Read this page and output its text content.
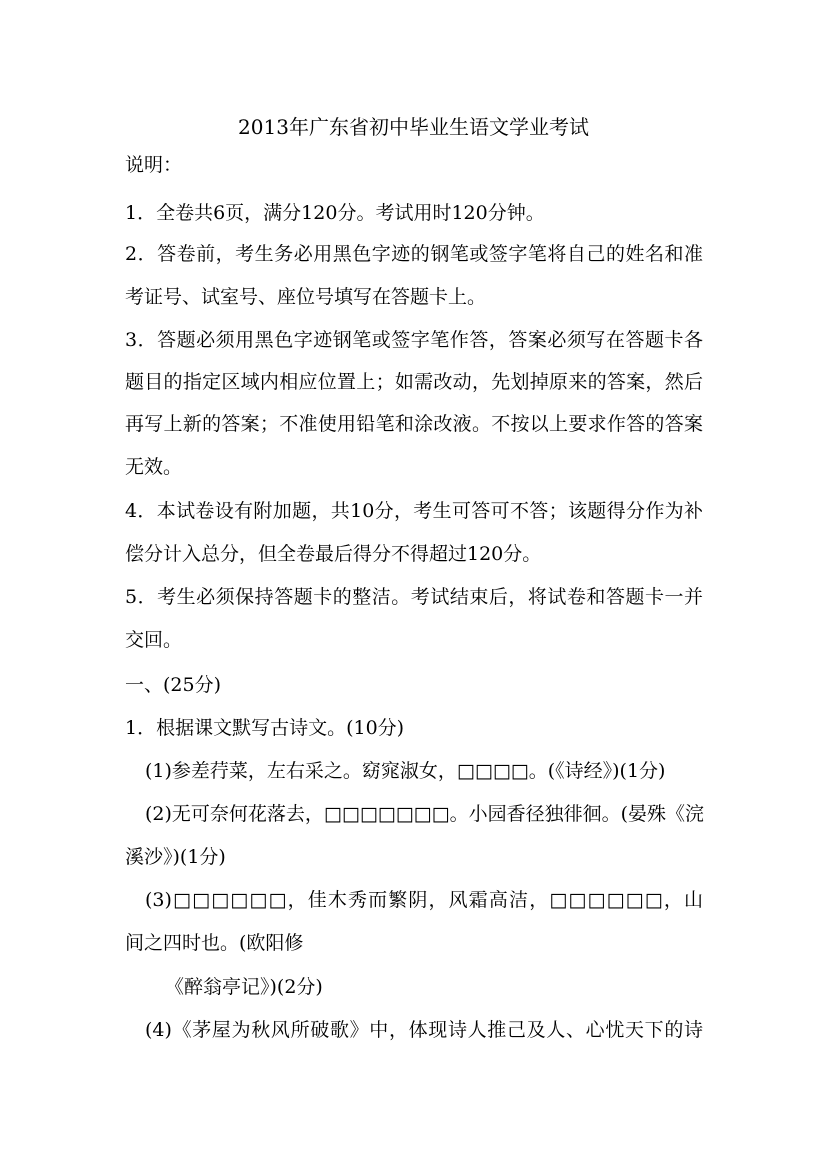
2013年广东省初中毕业生语文学业考试
说明：
1．全卷共6页，满分120分。考试用时120分钟。
2．答卷前，考生务必用黑色字迹的钢笔或签字笔将自己的姓名和准
考证号、试室号、座位号填写在答题卡上。
3．答题必须用黑色字迹钢笔或签字笔作答，答案必须写在答题卡各
题目的指定区域内相应位置上；如需改动，先划掉原来的答案，然后
再写上新的答案；不准使用铅笔和涂改液。不按以上要求作答的答案
无效。
4．本试卷设有附加题，共10分，考生可答可不答；该题得分作为补
偿分计入总分，但全卷最后得分不得超过120分。
5．考生必须保持答题卡的整洁。考试结束后，将试卷和答题卡一并
交回。
一、(25分)
1．根据课文默写古诗文。(10分)
(1)参差荇菜，左右采之。窈窕淑女，□□□□。(《诗经》)(1分)
(2)无可奈何花落去，□□□□□□□。小园香径独徘徊。(晏殊《浣
溪沙》)(1分)
(3)□□□□□□，佳木秀而繁阴，风霜高洁，□□□□□□，山
间之四时也。(欧阳修
《醉翁亭记》)(2分)
(4)《茅屋为秋风所破歌》中，体现诗人推己及人、心忧天下的诗
